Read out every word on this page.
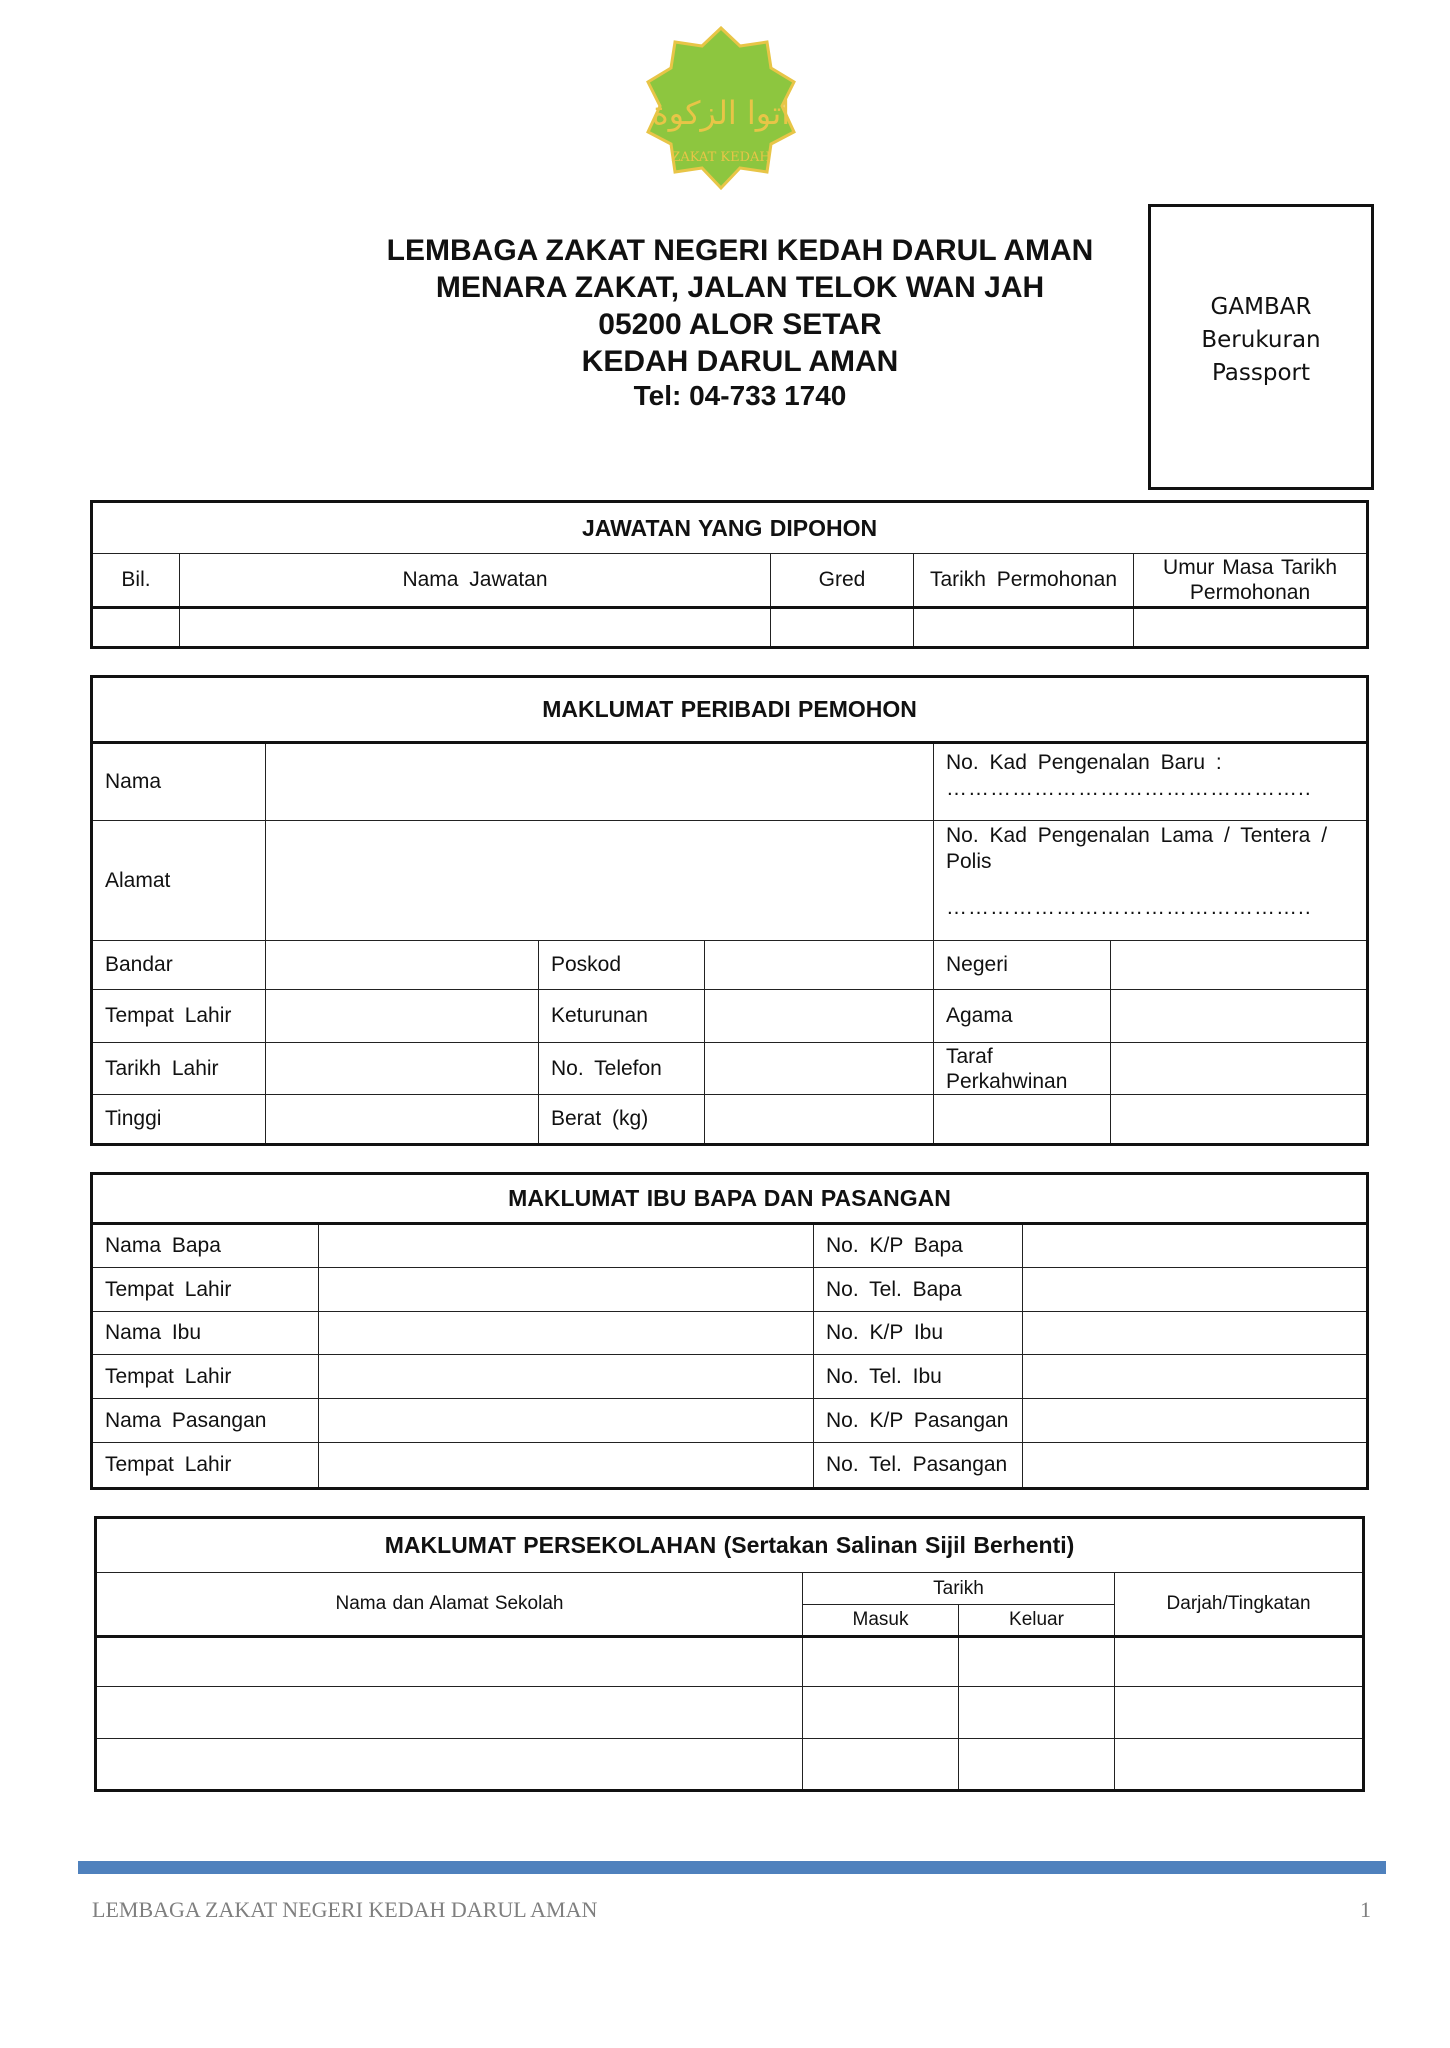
اتوا الزكوة
ZAKAT KEDAH
LEMBAGA ZAKAT NEGERI KEDAH DARUL AMAN
MENARA ZAKAT, JALAN TELOK WAN JAH
05200 ALOR SETAR
KEDAH DARUL AMAN
Tel: 04-733 1740
GAMBAR
Berukuran
Passport
JAWATAN YANG DIPOHON				
Bil.	Nama Jawatan	Gred	Tarikh Permohonan	Umur Masa Tarikh Permohonan

MAKLUMAT PERIBADI PEMOHON					
Nama				No. Kad Pengenalan Baru :
…………………………………………..	

Alamat				No. Kad Pengenalan Lama / Tentera / Polis
…………………………………………..	

Bandar		Poskod		Negeri	
Tempat Lahir		Keturunan		Agama	
Tarikh Lahir		No. Telefon		Taraf Perkahwinan	
Tinggi		Berat (kg)			
MAKLUMAT IBU BAPA DAN PASANGAN			
Nama Bapa		No. K/P Bapa	
Tempat Lahir		No. Tel. Bapa	
Nama Ibu		No. K/P Ibu	
Tempat Lahir		No. Tel. Ibu	
Nama Pasangan		No. K/P Pasangan	
Tempat Lahir		No. Tel. Pasangan	
MAKLUMAT PERSEKOLAHAN (Sertakan Salinan Sijil Berhenti)			
Nama dan Alamat Sekolah	Tarikh		Darjah/Tingkatan
	Masuk	Keluar	

LEMBAGA ZAKAT NEGERI KEDAH DARUL AMAN	1
